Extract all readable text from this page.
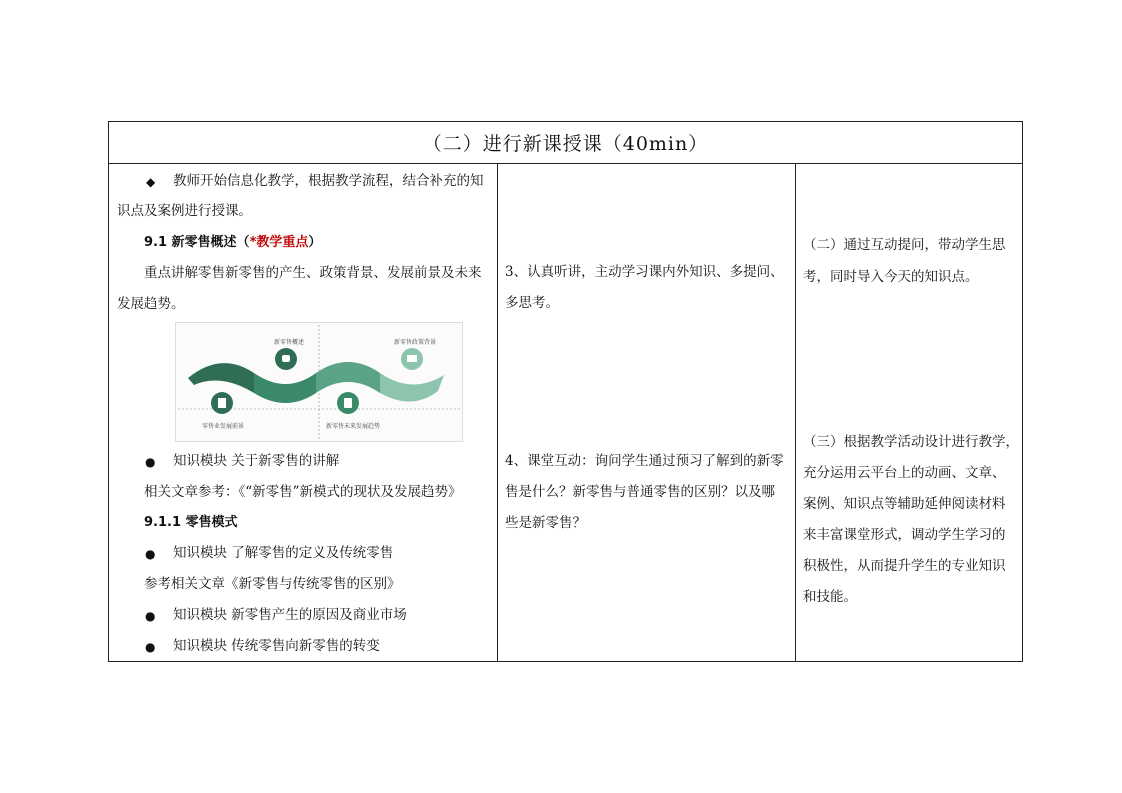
（二）进行新课授课（40min）
◆ 教师开始信息化教学，根据教学流程，结合补充的知
识点及案例进行授课。
9.1 新零售概述（*教学重点）
重点讲解零售新零售的产生、政策背景、发展前景及未来
发展趋势。
新零售概述	新零售政策背景
零售业发展前景	新零售未来发展趋势
● 知识模块 关于新零售的讲解
相关文章参考：《“新零售”新模式的现状及发展趋势》
9.1.1 零售模式
● 知识模块 了解零售的定义及传统零售
参考相关文章《新零售与传统零售的区别》
● 知识模块 新零售产生的原因及商业市场
● 知识模块 传统零售向新零售的转变
3、认真听讲，主动学习课内外知识、多提问、
多思考。
4、课堂互动：询问学生通过预习了解到的新零
售是什么？新零售与普通零售的区别？以及哪
些是新零售？
（二）通过互动提问，带动学生思
考，同时导入今天的知识点。
（三）根据教学活动设计进行教学，
充分运用云平台上的动画、文章、
案例、知识点等辅助延伸阅读材料
来丰富课堂形式，调动学生学习的
积极性，从而提升学生的专业知识
和技能。
